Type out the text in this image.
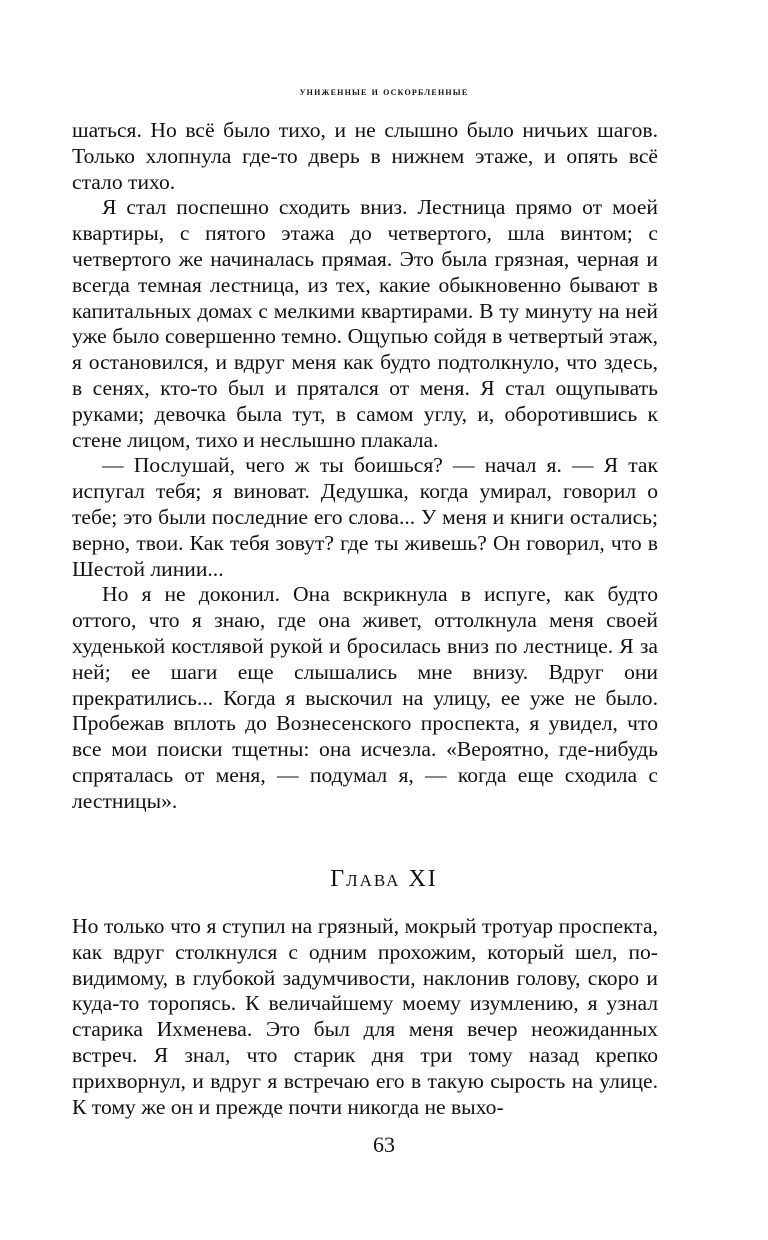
униженные и оскорбленные

шаться. Но всё было тихо, и не слышно было ничьих шагов. Только хлопнула где-то дверь в нижнем этаже, и опять всё стало тихо.

Я стал поспешно сходить вниз. Лестница прямо от моей квартиры, с пятого этажа до четвертого, шла винтом; с четвертого же начиналась прямая. Это была грязная, черная и всегда темная лестница, из тех, какие обыкновенно бывают в капитальных домах с мелкими квартирами. В ту минуту на ней уже было совершенно темно. Ощупью сойдя в четвертый этаж, я остановился, и вдруг меня как будто подтолкнуло, что здесь, в сенях, кто-то был и прятался от меня. Я стал ощупывать руками; девочка была тут, в самом углу, и, оборотившись к стене лицом, тихо и неслышно плакала.

— Послушай, чего ж ты боишься? — начал я. — Я так испугал тебя; я виноват. Дедушка, когда умирал, говорил о тебе; это были последние его слова... У меня и книги остались; верно, твои. Как тебя зовут? где ты живешь? Он говорил, что в Шестой линии...

Но я не доконил. Она вскрикнула в испуге, как будто оттого, что я знаю, где она живет, оттолкнула меня своей худенькой костлявой рукой и бросилась вниз по лестнице. Я за ней; ее шаги еще слышались мне внизу. Вдруг они прекратились... Когда я выскочил на улицу, ее уже не было. Пробежав вплоть до Вознесенского проспекта, я увидел, что все мои поиски тщетны: она исчезла. «Вероятно, где-нибудь спряталась от меня, — подумал я, — когда еще сходила с лестницы».

Глава XI

Но только что я ступил на грязный, мокрый тротуар проспекта, как вдруг столкнулся с одним прохожим, который шел, по-видимому, в глубокой задумчивости, наклонив голову, скоро и куда-то торопясь. К величайшему моему изумлению, я узнал старика Ихменева. Это был для меня вечер неожиданных встреч. Я знал, что старик дня три тому назад крепко прихворнул, и вдруг я встречаю его в такую сырость на улице. К тому же он и прежде почти никогда не выхо-

63
